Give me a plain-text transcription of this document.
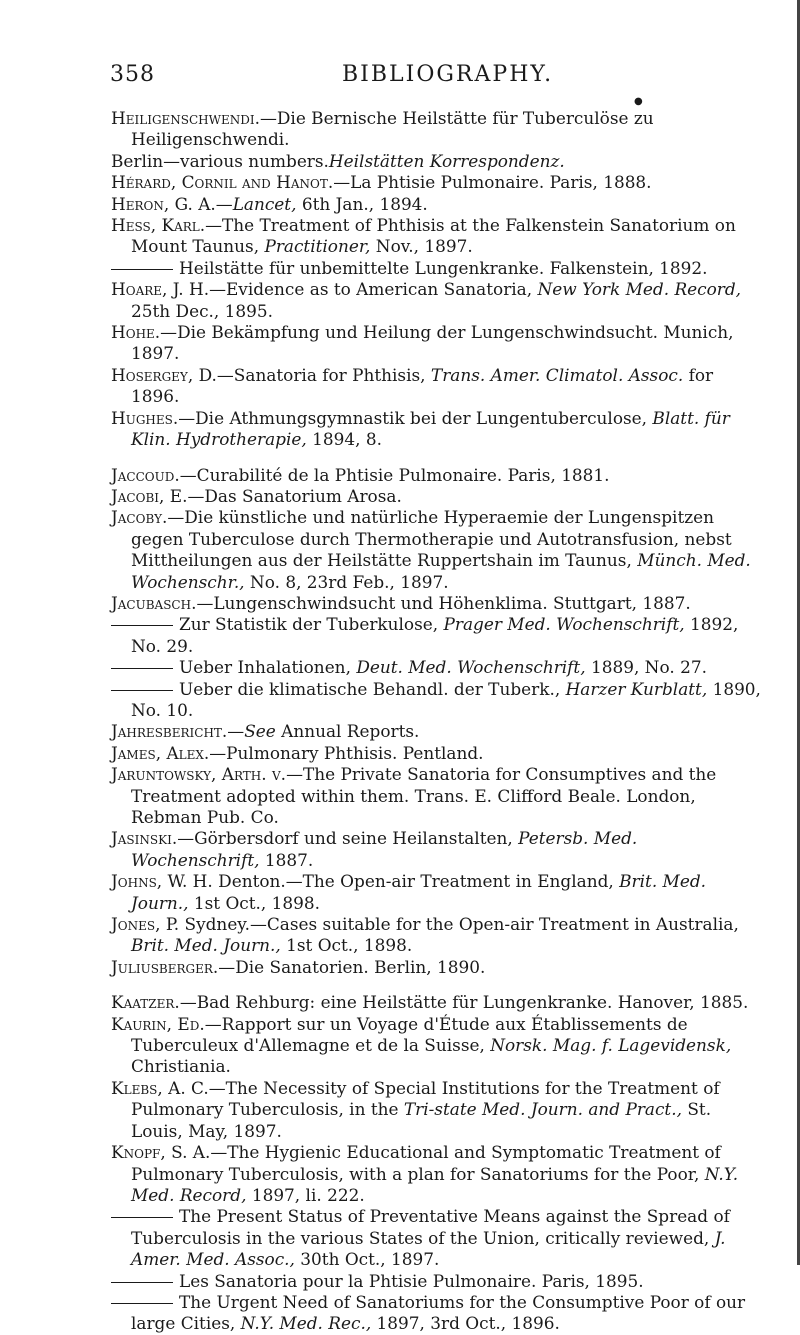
358	BIBLIOGRAPHY.
●

Heiligenschwendi.—Die Bernische Heilstätte für Tuberculöse zu Heiligenschwendi.

Berlin—various numbers.Heilstätten Korrespondenz.

Hérard, Cornil and Hanot.—La Phtisie Pulmonaire. Paris, 1888.

Heron, G. A.—Lancet, 6th Jan., 1894.

Hess, Karl.—The Treatment of Phthisis at the Falkenstein Sanatorium on Mount Taunus, Practitioner, Nov., 1897.

Heilstätte für unbemittelte Lungenkranke. Falkenstein, 1892.

Hoare, J. H.—Evidence as to American Sanatoria, New York Med. Record, 25th Dec., 1895.

Hohe.—Die Bekämpfung und Heilung der Lungenschwindsucht. Munich, 1897.

Hosergey, D.—Sanatoria for Phthisis, Trans. Amer. Climatol. Assoc. for 1896.

Hughes.—Die Athmungsgymnastik bei der Lungentuberculose, Blatt. für Klin. Hydrotherapie, 1894, 8.

Jaccoud.—Curabilité de la Phtisie Pulmonaire. Paris, 1881.

Jacobi, E.—Das Sanatorium Arosa.

Jacoby.—Die künstliche und natürliche Hyperaemie der Lungenspitzen gegen Tuberculose durch Thermotherapie und Autotransfusion, nebst Mittheilungen aus der Heilstätte Ruppertshain im Taunus, Münch. Med. Wochenschr., No. 8, 23rd Feb., 1897.

Jacubasch.—Lungenschwindsucht und Höhenklima. Stuttgart, 1887.

Zur Statistik der Tuberkulose, Prager Med. Wochenschrift, 1892, No. 29.

Ueber Inhalationen, Deut. Med. Wochenschrift, 1889, No. 27.

Ueber die klimatische Behandl. der Tuberk., Harzer Kurblatt, 1890, No. 10.

Jahresbericht.—See Annual Reports.

James, Alex.—Pulmonary Phthisis. Pentland.

Jaruntowsky, Arth. v.—The Private Sanatoria for Consumptives and the Treatment adopted within them. Trans. E. Clifford Beale. London, Rebman Pub. Co.

Jasinski.—Görbersdorf und seine Heilanstalten, Petersb. Med. Wochenschrift, 1887.

Johns, W. H. Denton.—The Open-air Treatment in England, Brit. Med. Journ., 1st Oct., 1898.

Jones, P. Sydney.—Cases suitable for the Open-air Treatment in Australia, Brit. Med. Journ., 1st Oct., 1898.

Juliusberger.—Die Sanatorien. Berlin, 1890.

Kaatzer.—Bad Rehburg: eine Heilstätte für Lungenkranke. Hanover, 1885.

Kaurin, Ed.—Rapport sur un Voyage d'Étude aux Établissements de Tuberculeux d'Allemagne et de la Suisse, Norsk. Mag. f. Lagevidensk, Christiania.

Klebs, A. C.—The Necessity of Special Institutions for the Treatment of Pulmonary Tuberculosis, in the Tri-state Med. Journ. and Pract., St. Louis, May, 1897.

Knopf, S. A.—The Hygienic Educational and Symptomatic Treatment of Pulmonary Tuberculosis, with a plan for Sanatoriums for the Poor, N.Y. Med. Record, 1897, li. 222.

The Present Status of Preventative Means against the Spread of Tuberculosis in the various States of the Union, critically reviewed, J. Amer. Med. Assoc., 30th Oct., 1897.

Les Sanatoria pour la Phtisie Pulmonaire. Paris, 1895.

The Urgent Need of Sanatoriums for the Consumptive Poor of our large Cities, N.Y. Med. Rec., 1897, 3rd Oct., 1896.
